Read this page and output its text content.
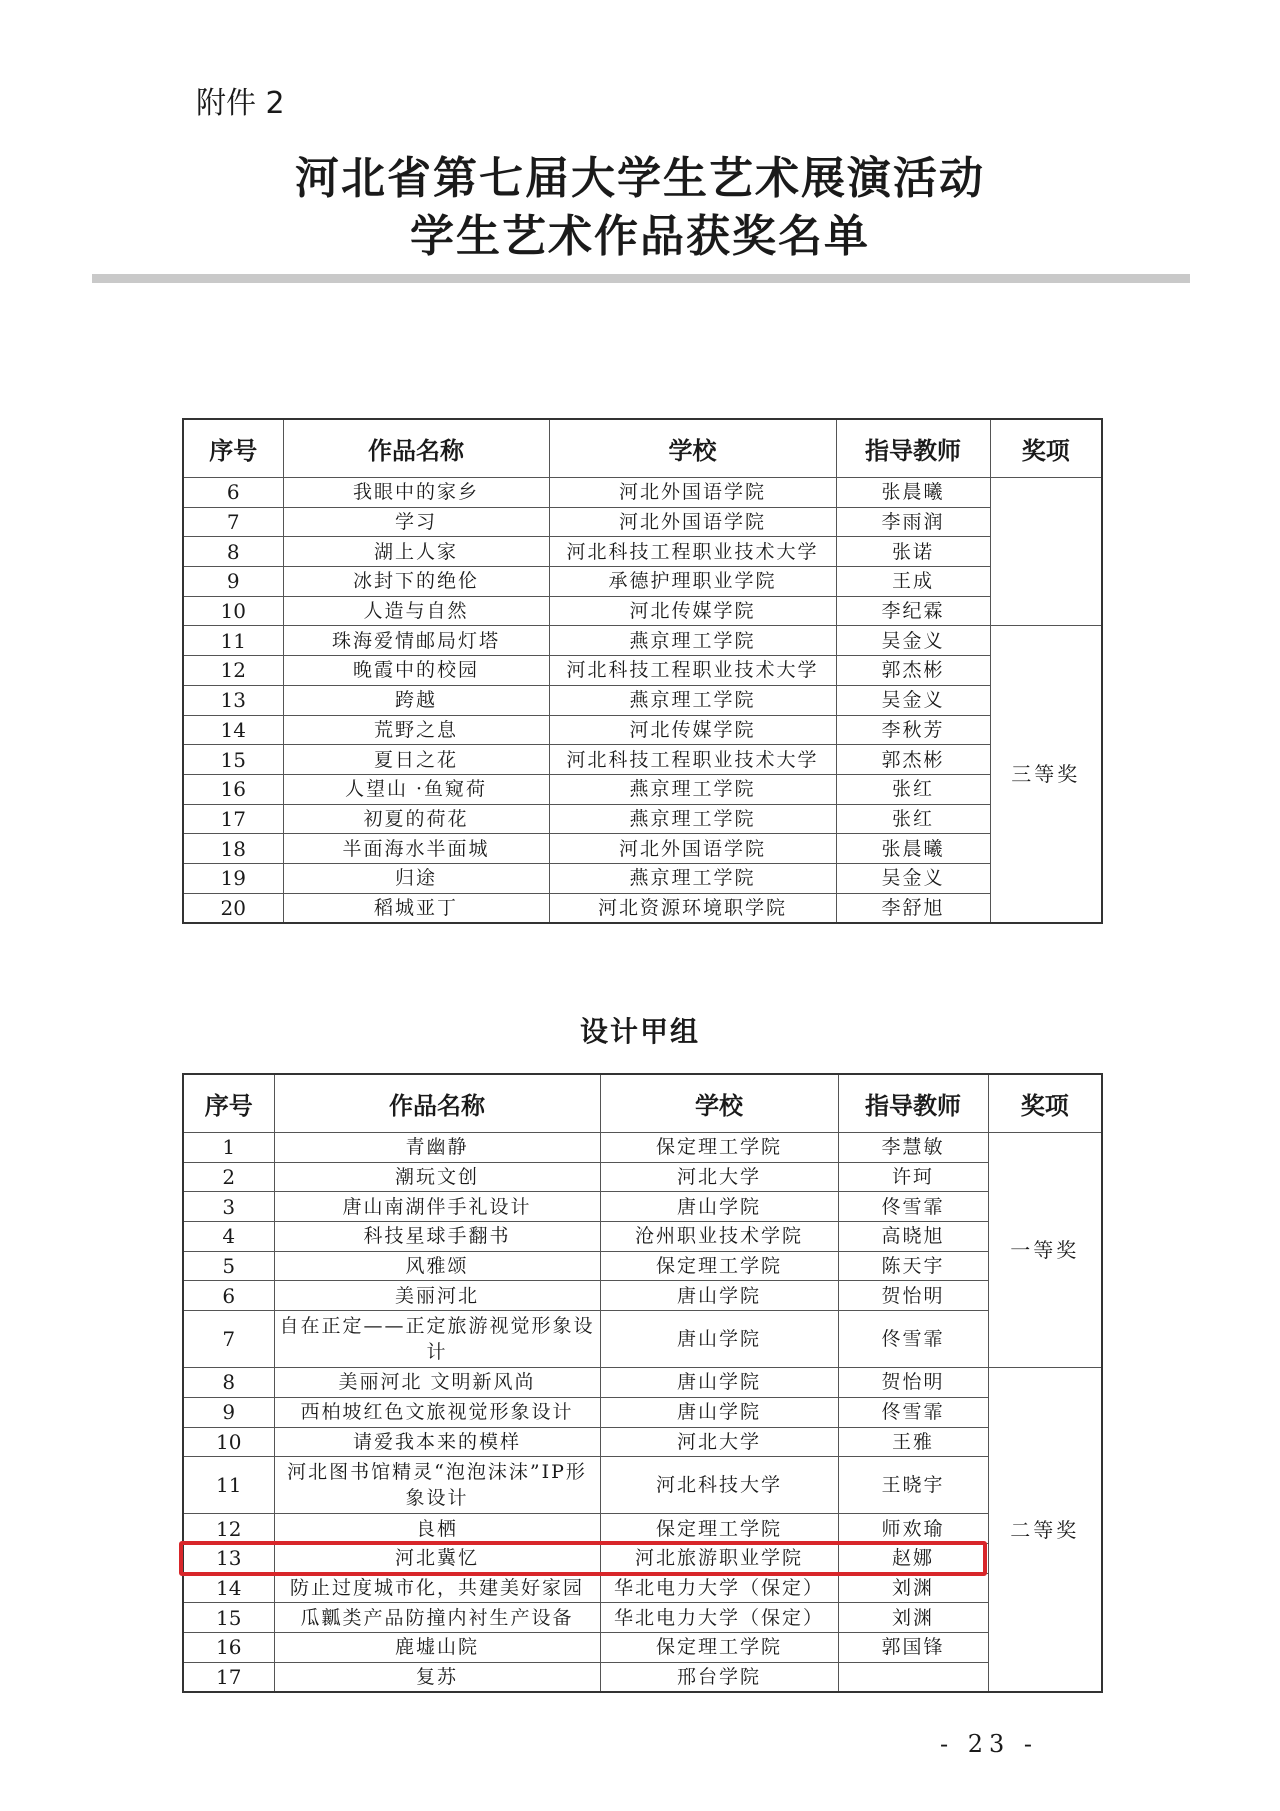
附件 2
河北省第七届大学生艺术展演活动
学生艺术作品获奖名单
序号	作品名称	学校	指导教师	奖项
6	我眼中的家乡	河北外国语学院	张晨曦	
7	学习	河北外国语学院	李雨润	
8	湖上人家	河北科技工程职业技术大学	张诺	
9	冰封下的绝伦	承德护理职业学院	王成	
10	人造与自然	河北传媒学院	李纪霖	
11	珠海爱情邮局灯塔	燕京理工学院	吴金义	三等奖
12	晚霞中的校园	河北科技工程职业技术大学	郭杰彬	
13	跨越	燕京理工学院	吴金义	
14	荒野之息	河北传媒学院	李秋芳	
15	夏日之花	河北科技工程职业技术大学	郭杰彬	
16	人望山 ·鱼窥荷	燕京理工学院	张红	
17	初夏的荷花	燕京理工学院	张红	
18	半面海水半面城	河北外国语学院	张晨曦	
19	归途	燕京理工学院	吴金义	
20	稻城亚丁	河北资源环境职学院	李舒旭	
设计甲组
序号	作品名称	学校	指导教师	奖项
1	青幽静	保定理工学院	李慧敏	一等奖
2	潮玩文创	河北大学	许珂	
3	唐山南湖伴手礼设计	唐山学院	佟雪霏	
4	科技星球手翻书	沧州职业技术学院	高晓旭	
5	风雅颂	保定理工学院	陈天宇	
6	美丽河北	唐山学院	贺怡明	
7	自在正定——正定旅游视觉形象设计	唐山学院	佟雪霏	
8	美丽河北 文明新风尚	唐山学院	贺怡明	二等奖
9	西柏坡红色文旅视觉形象设计	唐山学院	佟雪霏	
10	请爱我本来的模样	河北大学	王雅	
11	河北图书馆精灵“泡泡沫沫”IP形象设计	河北科技大学	王晓宇	
12	良栖	保定理工学院	师欢瑜	
13	河北冀忆	河北旅游职业学院	赵娜	
14	防止过度城市化，共建美好家园	华北电力大学（保定）	刘渊	
15	瓜瓤类产品防撞内衬生产设备	华北电力大学（保定）	刘渊	
16	鹿墟山院	保定理工学院	郭国锋	
17	复苏	邢台学院		
- 23 -
